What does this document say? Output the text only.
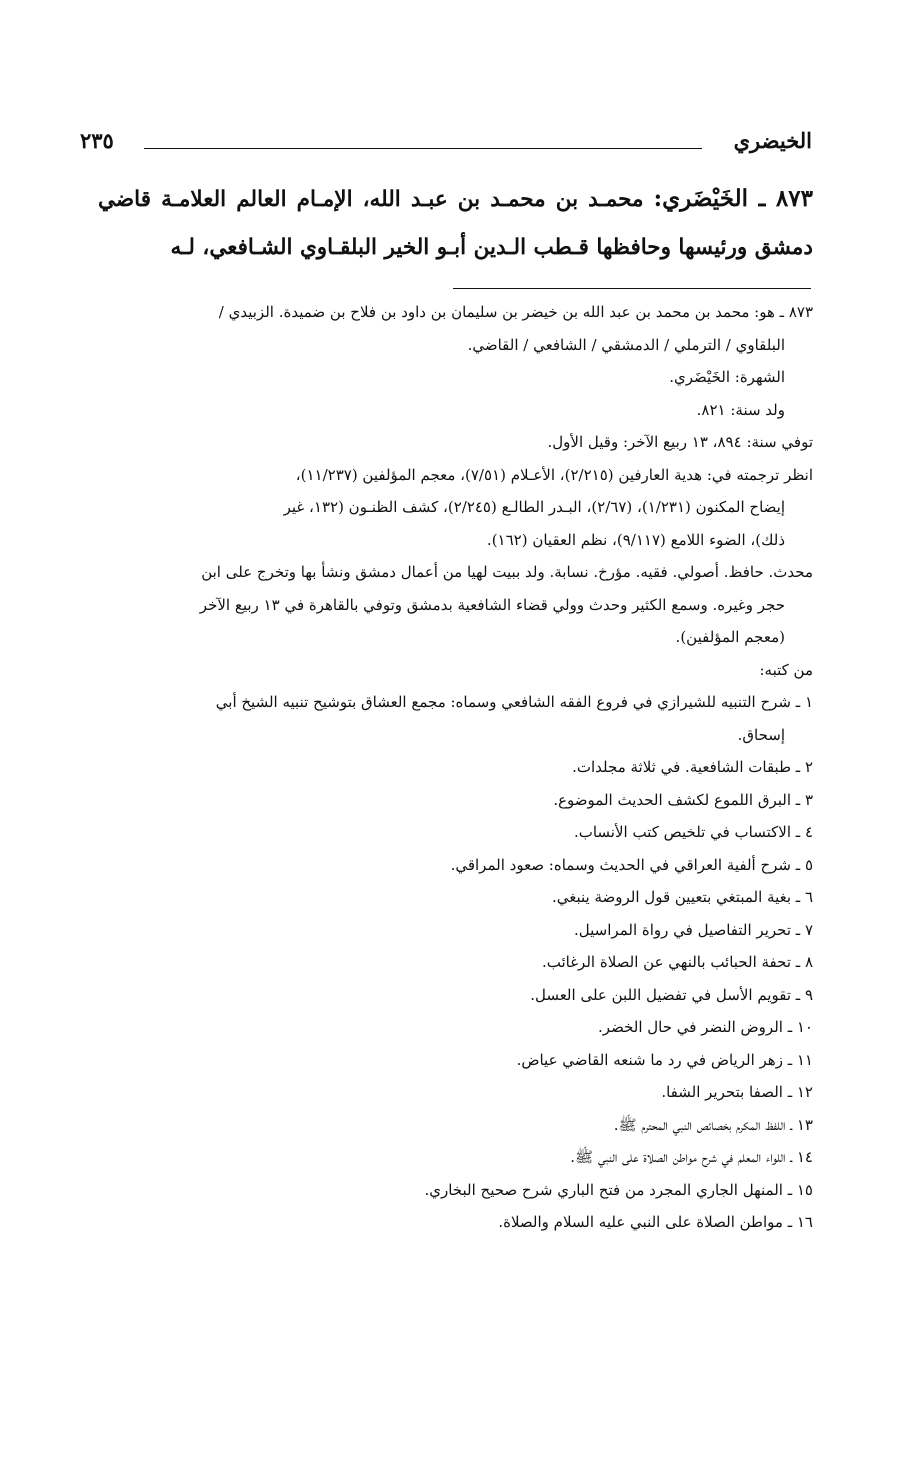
الخيضري
٢٣٥
٨٧٣ ـ الخَيْضَري: محمـد بن محمـد بن عبـد الله، الإمـام العالم العلامـة قاضي دمشق ورئيسها وحافظها قـطب الـدين أبـو الخير البلقـاوي الشـافعي، لـه
٨٧٣ ـ هو: محمد بن محمد بن عبد الله بن خيضر بن سليمان بن داود بن فلاح بن ضميدة. الزبيدي /
البلقاوي / الترملي / الدمشقي / الشافعي / القاضي.
الشهرة: الخَيْضَري.
ولد سنة: ٨٢١.
توفي سنة: ٨٩٤، ١٣ ربيع الآخر: وقيل الأول.
انظر ترجمته في: هدية العارفين (٢/٢١٥)، الأعـلام (٧/٥١)، معجم المؤلفين (١١/٢٣٧)،
إيضاح المكنون (١/٢٣١)، (٢/٦٧)، البـدر الطالـع (٢/٢٤٥)، كشف الظنـون (١٣٢، غير
ذلك)، الضوء اللامع (٩/١١٧)، نظم العقيان (١٦٢).
محدث. حافظ. أصولي. فقيه. مؤرخ. نسابة. ولد ببيت لهيا من أعمال دمشق ونشأ بها وتخرج على ابن
حجر وغيره. وسمع الكثير وحدث وولي قضاء الشافعية بدمشق وتوفي بالقاهرة في ١٣ ربيع الآخر
(معجم المؤلفين).
من كتبه:
١ ـ شرح التنبيه للشيرازي في فروع الفقه الشافعي وسماه: مجمع العشاق بتوشيح تنبيه الشيخ أبي
إسحاق.
٢ ـ طبقات الشافعية. في ثلاثة مجلدات.
٣ ـ البرق اللموع لكشف الحديث الموضوع.
٤ ـ الاكتساب في تلخيص كتب الأنساب.
٥ ـ شرح ألفية العراقي في الحديث وسماه: صعود المراقي.
٦ ـ بغية المبتغي بتعيين قول الروضة ينبغي.
٧ ـ تحرير التفاصيل في رواة المراسيل.
٨ ـ تحفة الحبائب بالنهي عن الصلاة الرغائب.
٩ ـ تقويم الأسل في تفضيل اللبن على العسل.
١٠ ـ الروض النضر في حال الخضر.
١١ ـ زهر الرياض في رد ما شنعه القاضي عياض.
١٢ ـ الصفا بتحرير الشفا.
١٣ ـ اللفظ المكرم بخصائص النبي المحترم ﷺ.
١٤ ـ اللواء المعلم في شرح مواطن الصلاة على النبي ﷺ.
١٥ ـ المنهل الجاري المجرد من فتح الباري شرح صحيح البخاري.
١٦ ـ مواطن الصلاة على النبي عليه السلام والصلاة.
